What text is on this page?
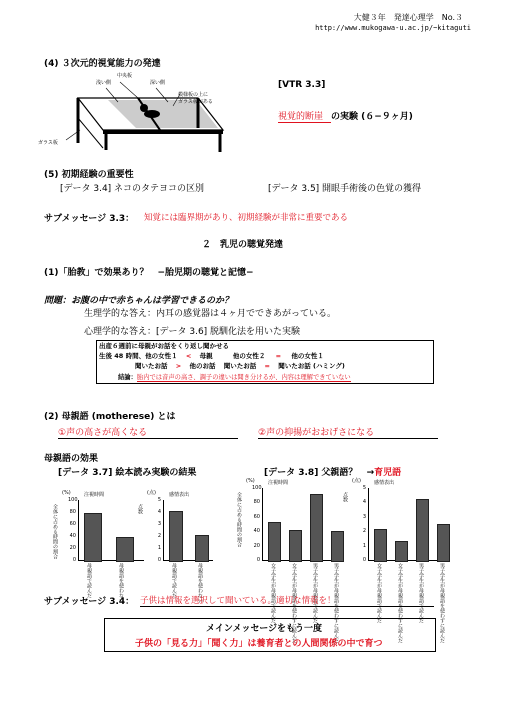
大健３年　発達心理学　No.３
http://www.mukogawa-u.ac.jp/~kitaguti
(4) ３次元的視覚能力の発達
中央板
浅い側	深い側
模様板の上に
ガラス板がある
ガラス板
[VTR 3.3]
視覚的断崖 の実験 (６−９ヶ月)
(5) 初期経験の重要性
[データ 3.4] ネコのタテヨコの区別	[データ 3.5] 開眼手術後の色覚の獲得
サブメッセージ 3.3： 知覚には臨界期があり、初期経験が非常に重要である
２　乳児の聴覚発達
(1)「胎教」で効果あり？　−胎児期の聴覚と記憶−
問題：お腹の中で赤ちゃんは学習できるのか？
生理学的な答え：内耳の感覚器は４ヶ月でできあがっている。
心理学的な答え：[データ 3.6] 脱馴化法を用いた実験
出産６週前に母親がお話をくり返し聞かせる
生後 48 時間、他の女性１ < 母親	他の女性２ = 他の女性１
聞いたお話 > 他のお話 聞いたお話 = 聞いたお話 (ハミング)
結論：胎内では音声の高さ、調子の違いは聞き分けるが、内容は理解できていない
(2) 母親語 (motherese) とは
①声の高さが高くなる	②声の抑揚がおおげさになる
母親語の効果
[データ 3.7] 絵本読み実験の結果	[データ 3.8] 父親語？ →育児語
注視時間
(%)
全体に占める時間の割合
0
20
40
60
80
100
母親語で読んだ	母親語を使わない
感情表出
(点)
点数
0
1
2
3
4
5
母親語で読んだ	母親語を使わない
注視時間
(%)
全体に占める時間の割合
0
20
40
60
80
100
女子学生が母親語で読んだ	女子学生が母親語を使わずに読んだ	男子学生が母親語で読んだ	男子学生が母親語を使わずに読んだ
感情表出
(点)
点数
0
1
2
3
4
5
女子学生が母親語で読んだ	女子学生が母親語を使わずに読んだ	男子学生が母親語で読んだ	男子学生が母親語を使わずに読んだ
サブメッセージ 3.4： 子供は情報を選択して聞いている。適切な情報を！
メインメッセージをもう一度
子供の「見る力」「聞く力」は養育者との人間関係の中で育つ
